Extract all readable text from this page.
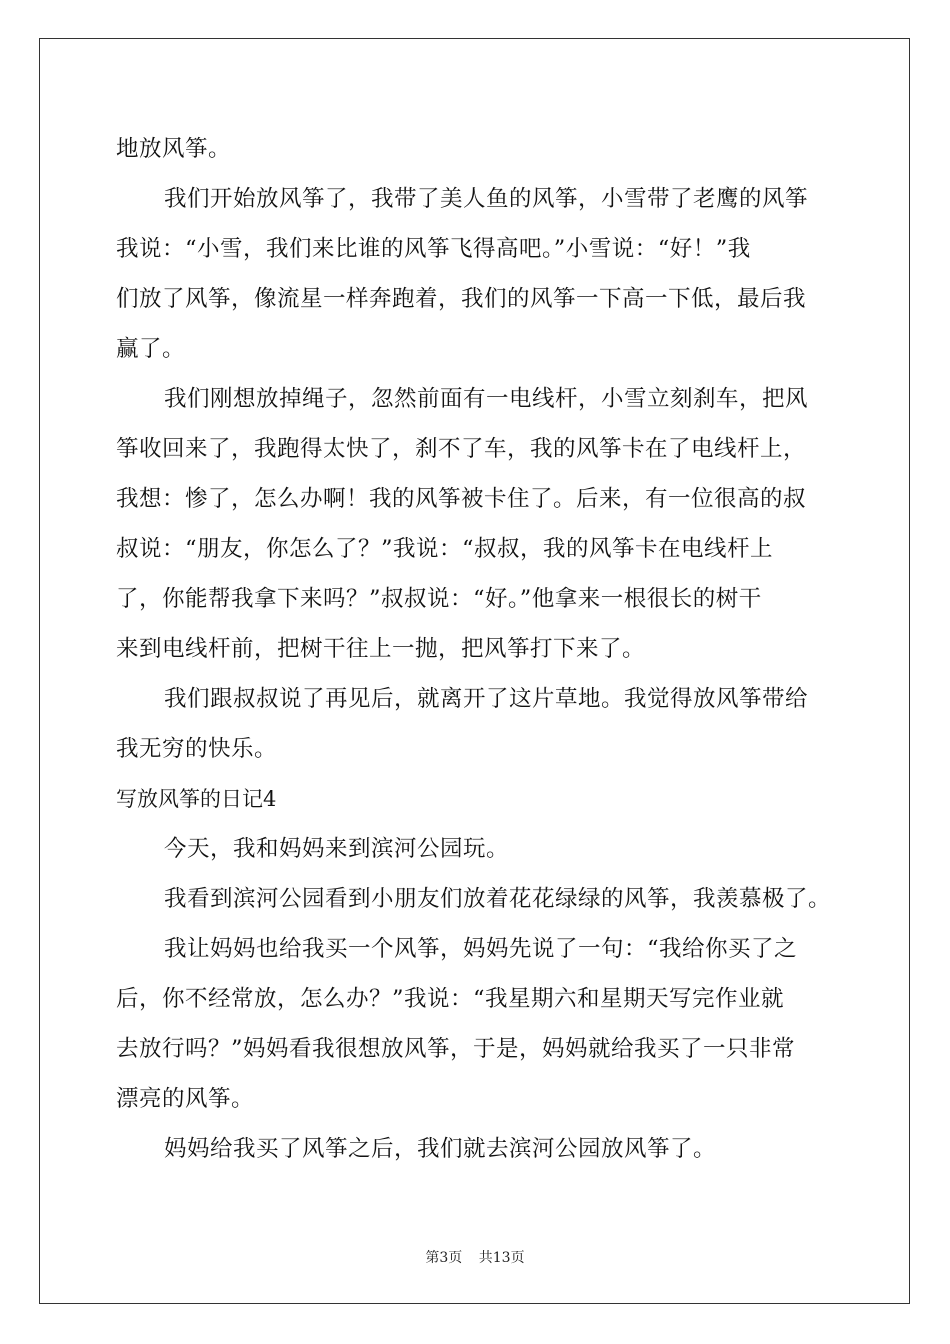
地放风筝。
我们开始放风筝了，我带了美人鱼的风筝，小雪带了老鹰的风筝
我说：“小雪，我们来比谁的风筝飞得高吧。”小雪说：“好！”我
们放了风筝，像流星一样奔跑着，我们的风筝一下高一下低，最后我
赢了。
我们刚想放掉绳子，忽然前面有一电线杆，小雪立刻刹车，把风
筝收回来了，我跑得太快了，刹不了车，我的风筝卡在了电线杆上，
我想：惨了，怎么办啊！我的风筝被卡住了。后来，有一位很高的叔
叔说：“朋友，你怎么了？”我说：“叔叔，我的风筝卡在电线杆上
了，你能帮我拿下来吗？”叔叔说：“好。”他拿来一根很长的树干
来到电线杆前，把树干往上一抛，把风筝打下来了。
我们跟叔叔说了再见后，就离开了这片草地。我觉得放风筝带给
我无穷的快乐。
写放风筝的日记4
今天，我和妈妈来到滨河公园玩。
我看到滨河公园看到小朋友们放着花花绿绿的风筝，我羡慕极了。
我让妈妈也给我买一个风筝，妈妈先说了一句：“我给你买了之
后，你不经常放，怎么办？”我说：“我星期六和星期天写完作业就
去放行吗？”妈妈看我很想放风筝，于是，妈妈就给我买了一只非常
漂亮的风筝。
妈妈给我买了风筝之后，我们就去滨河公园放风筝了。
第3页 共13页
